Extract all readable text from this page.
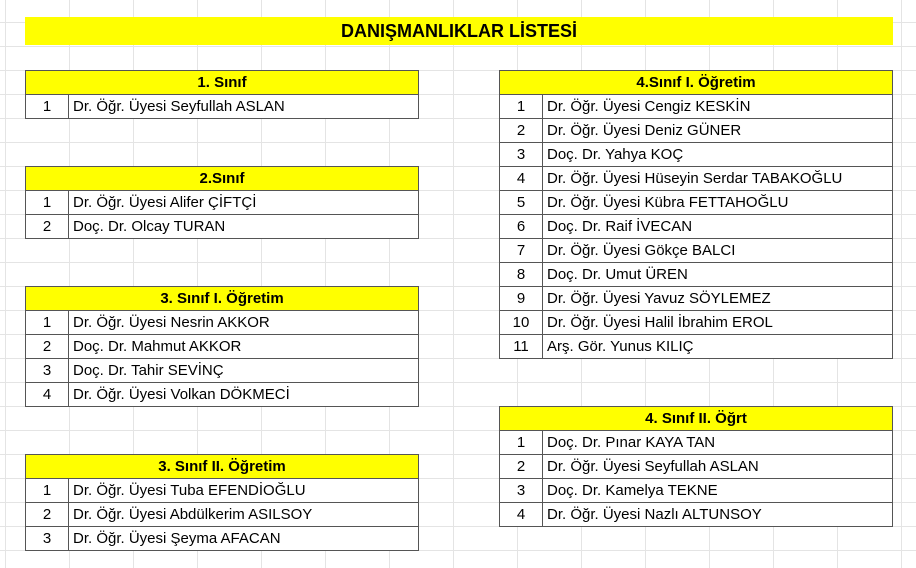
DANIŞMANLIKLAR LİSTESİ
1. Sınıf
1	Dr. Öğr. Üyesi Seyfullah ASLAN
2.Sınıf	
1	Dr. Öğr. Üyesi Alifer ÇİFTÇİ
2	Doç. Dr. Olcay TURAN
3. Sınıf I. Öğretim	
1	Dr. Öğr. Üyesi Nesrin AKKOR
2	Doç. Dr. Mahmut AKKOR
3	Doç. Dr. Tahir SEVİNÇ
4	Dr. Öğr. Üyesi Volkan DÖKMECİ
3. Sınıf II. Öğretim	
1	Dr. Öğr. Üyesi Tuba EFENDİOĞLU
2	Dr. Öğr. Üyesi Abdülkerim ASILSOY
3	Dr. Öğr. Üyesi Şeyma AFACAN
4.Sınıf I. Öğretim	
1	Dr. Öğr. Üyesi Cengiz KESKİN
2	Dr. Öğr. Üyesi Deniz GÜNER
3	Doç. Dr. Yahya KOÇ
4	Dr. Öğr. Üyesi Hüseyin Serdar TABAKOĞLU
5	Dr. Öğr. Üyesi Kübra FETTAHOĞLU
6	Doç. Dr. Raif İVECAN
7	Dr. Öğr. Üyesi Gökçe BALCI
8	Doç. Dr. Umut ÜREN
9	Dr. Öğr. Üyesi Yavuz SÖYLEMEZ
10	Dr. Öğr. Üyesi Halil İbrahim EROL
11	Arş. Gör. Yunus KILIÇ
4. Sınıf II. Öğrt	
1	Doç. Dr. Pınar KAYA TAN
2	Dr. Öğr. Üyesi Seyfullah ASLAN
3	Doç. Dr. Kamelya TEKNE
4	Dr. Öğr. Üyesi Nazlı ALTUNSOY
